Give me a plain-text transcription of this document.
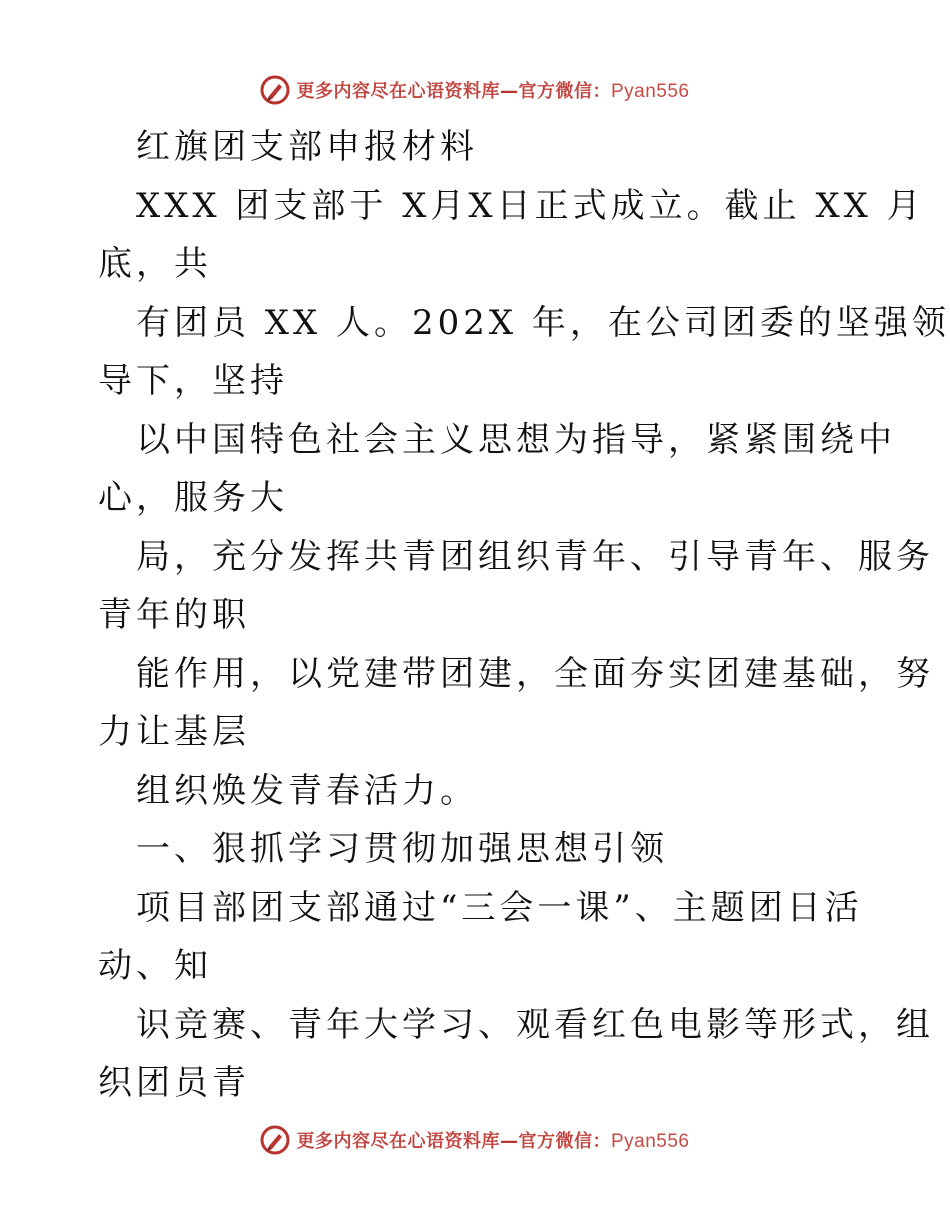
更多内容尽在心语资料库—官方微信：Pyan556

红旗团支部申报材料

XXX 团支部于 X月X日正式成立。截止 XX 月

底，共

有团员 XX 人。202X 年，在公司团委的坚强领

导下，坚持

以中国特色社会主义思想为指导，紧紧围绕中

心，服务大

局，充分发挥共青团组织青年、引导青年、服务

青年的职

能作用，以党建带团建，全面夯实团建基础，努

力让基层

组织焕发青春活力。

一、狠抓学习贯彻加强思想引领

项目部团支部通过“三会一课”、主题团日活

动、知

识竞赛、青年大学习、观看红色电影等形式，组

织团员青

更多内容尽在心语资料库—官方微信：Pyan556
